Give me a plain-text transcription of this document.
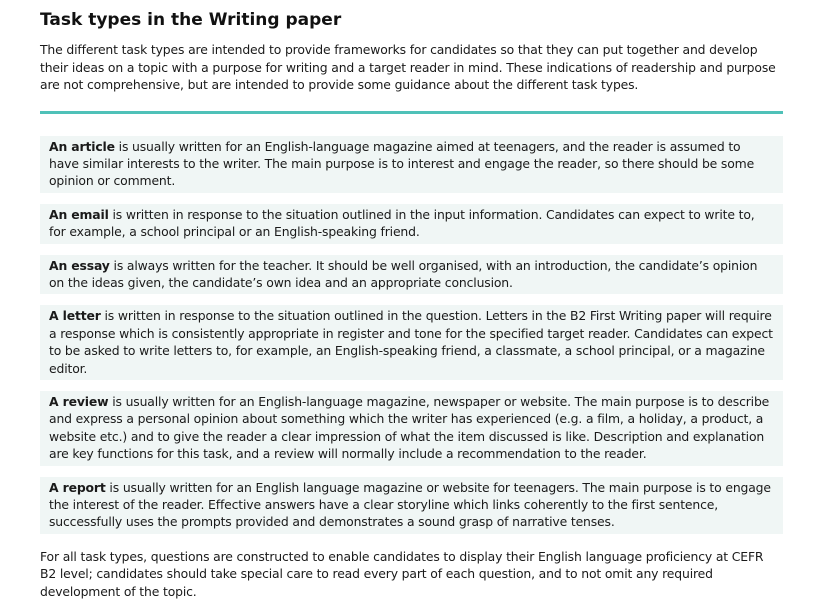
Task types in the Writing paper

The different task types are intended to provide frameworks for candidates so that they can put together and develop their ideas on a topic with a purpose for writing and a target reader in mind. These indications of readership and purpose are not comprehensive, but are intended to provide some guidance about the different task types.

An article is usually written for an English-language magazine aimed at teenagers, and the reader is assumed to have similar interests to the writer. The main purpose is to interest and engage the reader, so there should be some opinion or comment.
An email is written in response to the situation outlined in the input information. Candidates can expect to write to, for example, a school principal or an English-speaking friend.
An essay is always written for the teacher. It should be well organised, with an introduction, the candidate’s opinion on the ideas given, the candidate’s own idea and an appropriate conclusion.
A letter is written in response to the situation outlined in the question. Letters in the B2 First Writing paper will require a response which is consistently appropriate in register and tone for the specified target reader. Candidates can expect to be asked to write letters to, for example, an English-speaking friend, a classmate, a school principal, or a magazine editor.
A review is usually written for an English-language magazine, newspaper or website. The main purpose is to describe and express a personal opinion about something which the writer has experienced (e.g. a film, a holiday, a product, a website etc.) and to give the reader a clear impression of what the item discussed is like. Description and explanation are key functions for this task, and a review will normally include a recommendation to the reader.
A report is usually written for an English language magazine or website for teenagers. The main purpose is to engage the interest of the reader. Effective answers have a clear storyline which links coherently to the first sentence, successfully uses the prompts provided and demonstrates a sound grasp of narrative tenses.

For all task types, questions are constructed to enable candidates to display their English language proficiency at CEFR B2 level; candidates should take special care to read every part of each question, and to not omit any required development of the topic.
